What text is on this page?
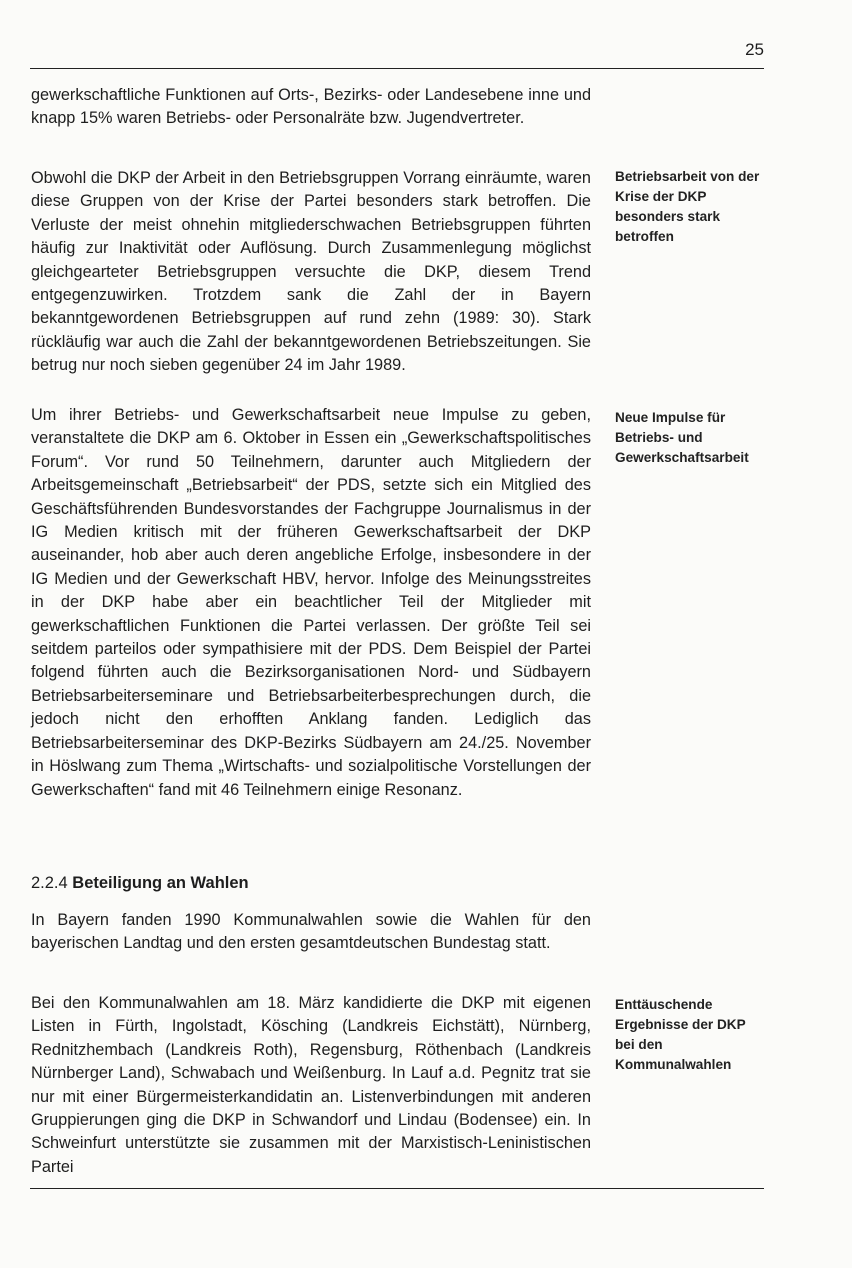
25

gewerkschaftliche Funktionen auf Orts-, Bezirks- oder Landesebene inne und knapp 15% waren Betriebs- oder Personalräte bzw. Jugendvertreter.

Obwohl die DKP der Arbeit in den Betriebsgruppen Vorrang einräumte, waren diese Gruppen von der Krise der Partei besonders stark betroffen. Die Verluste der meist ohnehin mitgliederschwachen Betriebsgruppen führten häufig zur Inaktivität oder Auflösung. Durch Zusammenlegung möglichst gleichgearteter Betriebsgruppen versuchte die DKP, diesem Trend entgegenzuwirken. Trotzdem sank die Zahl der in Bayern bekanntgewordenen Betriebsgruppen auf rund zehn (1989: 30). Stark rückläufig war auch die Zahl der bekanntgewordenen Betriebszeitungen. Sie betrug nur noch sieben gegenüber 24 im Jahr 1989.

Um ihrer Betriebs- und Gewerkschaftsarbeit neue Impulse zu geben, veranstaltete die DKP am 6. Oktober in Essen ein „Gewerkschaftspolitisches Forum“. Vor rund 50 Teilnehmern, darunter auch Mitgliedern der Arbeitsgemeinschaft „Betriebsarbeit“ der PDS, setzte sich ein Mitglied des Geschäftsführenden Bundesvorstandes der Fachgruppe Journalismus in der IG Medien kritisch mit der früheren Gewerkschaftsarbeit der DKP auseinander, hob aber auch deren angebliche Erfolge, insbesondere in der IG Medien und der Gewerkschaft HBV, hervor. Infolge des Meinungsstreites in der DKP habe aber ein beachtlicher Teil der Mitglieder mit gewerkschaftlichen Funktionen die Partei verlassen. Der größte Teil sei seitdem parteilos oder sympathisiere mit der PDS. Dem Beispiel der Partei folgend führten auch die Bezirksorganisationen Nord- und Südbayern Betriebsarbeiterseminare und Betriebsarbeiterbesprechungen durch, die jedoch nicht den erhofften Anklang fanden. Lediglich das Betriebsarbeiterseminar des DKP-Bezirks Südbayern am 24./25. November in Höslwang zum Thema „Wirtschafts- und sozialpolitische Vorstellungen der Gewerkschaften“ fand mit 46 Teilnehmern einige Resonanz.

2.2.4 Beteiligung an Wahlen

In Bayern fanden 1990 Kommunalwahlen sowie die Wahlen für den bayerischen Landtag und den ersten gesamtdeutschen Bundestag statt.

Bei den Kommunalwahlen am 18. März kandidierte die DKP mit eigenen Listen in Fürth, Ingolstadt, Kösching (Landkreis Eichstätt), Nürnberg, Rednitzhembach (Landkreis Roth), Regensburg, Röthenbach (Landkreis Nürnberger Land), Schwabach und Weißenburg. In Lauf a.d. Pegnitz trat sie nur mit einer Bürgermeisterkandidatin an. Listenverbindungen mit anderen Gruppierungen ging die DKP in Schwandorf und Lindau (Bodensee) ein. In Schweinfurt unterstützte sie zusammen mit der Marxistisch-Leninistischen Partei

Betriebsarbeit von der Krise der DKP besonders stark betroffen
Neue Impulse für Betriebs- und Gewerkschaftsarbeit
Enttäuschende Ergebnisse der DKP bei den Kommunalwahlen
